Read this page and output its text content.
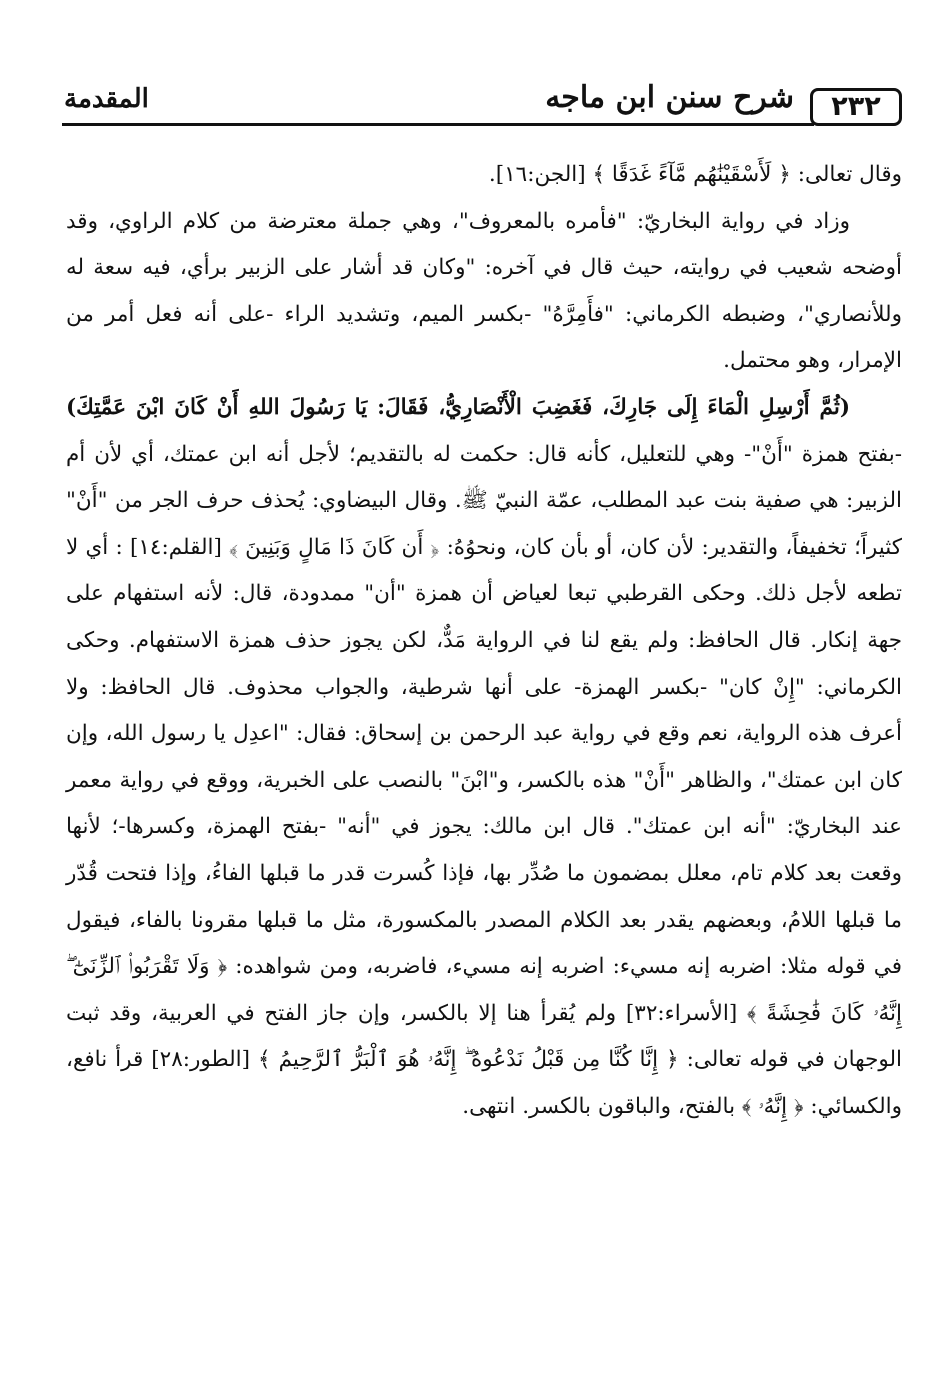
٢٣٢
شرح سنن ابن ماجه
المقدمة

وقال تعالى: ﴿ لَأَسْقَيْنَٰهُم مَّآءً غَدَقًا ﴾ [الجن:١٦].

وزاد في رواية البخاريّ: "فأمره بالمعروف"، وهي جملة معترضة من كلام الراوي، وقد أوضحه شعيب في روايته، حيث قال في آخره: "وكان قد أشار على الزبير برأي، فيه سعة له وللأنصاري"، وضبطه الكرماني: "فأَمِرَّهُ" -بكسر الميم، وتشديد الراء -على أنه فعل أمر من الإمرار، وهو محتمل.

(ثُمَّ أَرْسِلِ الْمَاءَ إِلَى جَارِكَ، فَغَضِبَ الْأَنْصَارِيُّ، فَقَالَ: يَا رَسُولَ اللهِ أَنْ كَانَ ابْنَ عَمَّتِكَ) -بفتح همزة "أَنْ"- وهي للتعليل، كأنه قال: حكمت له بالتقديم؛ لأجل أنه ابن عمتك، أي لأن أم الزبير: هي صفية بنت عبد المطلب، عمّة النبيّ ﷺ. وقال البيضاوي: يُحذف حرف الجر من "أَنْ" كثيراً؛ تخفيفاً، والتقدير: لأن كان، أو بأن كان، ونحوُهُ: ﴿ أَن كَانَ ذَا مَالٍ وَبَنِينَ ﴾ [القلم:١٤] : أي لا تطعه لأجل ذلك. وحكى القرطبي تبعا لعياض أن همزة "أن" ممدودة، قال: لأنه استفهام على جهة إنكار. قال الحافظ: ولم يقع لنا في الرواية مَدٌّ، لكن يجوز حذف همزة الاستفهام. وحكى الكرماني: "إِنْ كان" -بكسر الهمزة- على أنها شرطية، والجواب محذوف. قال الحافظ: ولا أعرف هذه الرواية، نعم وقع في رواية عبد الرحمن بن إسحاق: فقال: "اعدِل يا رسول الله، وإن كان ابن عمتك"، والظاهر "أَنْ" هذه بالكسر، و"ابْنَ" بالنصب على الخبرية، ووقع في رواية معمر عند البخاريّ: "أنه ابن عمتك". قال ابن مالك: يجوز في "أنه" -بفتح الهمزة، وكسرها-؛ لأنها وقعت بعد كلام تام، معلل بمضمون ما صُدِّر بها، فإذا كُسرت قدر ما قبلها الفاءُ، وإذا فتحت قُدّر ما قبلها اللامُ، وبعضهم يقدر بعد الكلام المصدر بالمكسورة، مثل ما قبلها مقرونا بالفاء، فيقول في قوله مثلا: اضربه إنه مسيء: اضربه إنه مسيء، فاضربه، ومن شواهده: ﴿ وَلَا تَقْرَبُوا۟ ٱلزِّنَىٰٓ ۖ إِنَّهُۥ كَانَ فَٰحِشَةً ﴾ [الأسراء:٣٢] ولم يُقرأ هنا إلا بالكسر، وإن جاز الفتح في العربية، وقد ثبت الوجهان في قوله تعالى: ﴿ إِنَّا كُنَّا مِن قَبْلُ نَدْعُوهُ ۖ إِنَّهُۥ هُوَ ٱلْبَرُّ ٱلرَّحِيمُ ﴾ [الطور:٢٨] قرأ نافع، والكسائي: ﴿ إِنَّهُۥ ﴾ بالفتح، والباقون بالكسر. انتهى.
